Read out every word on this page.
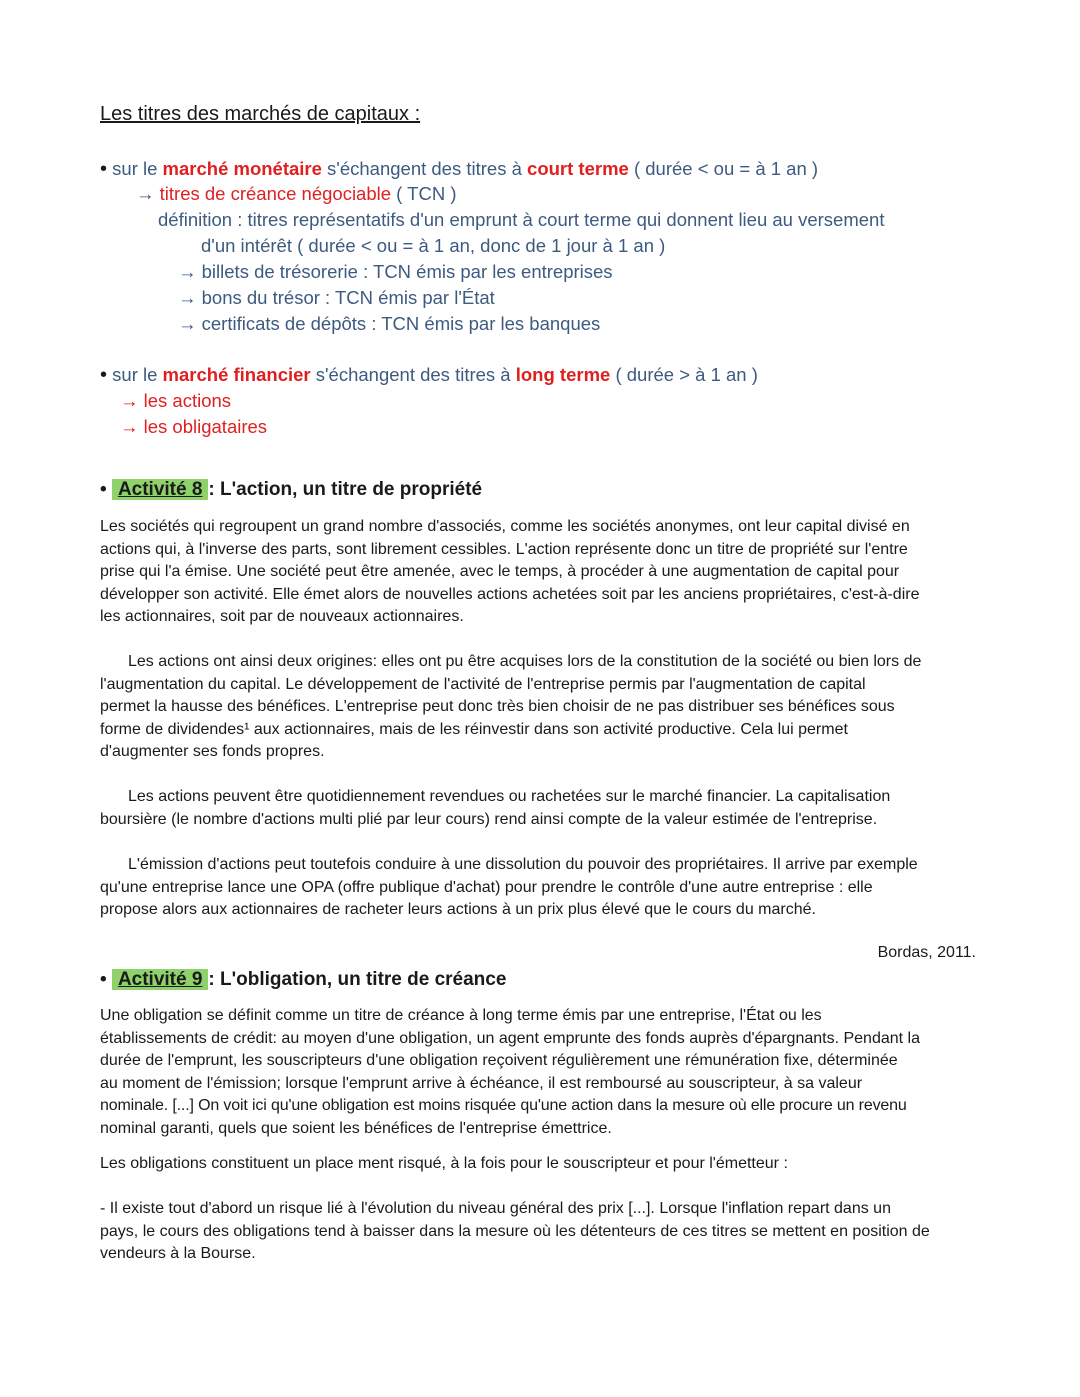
Les titres des marchés de capitaux :
• sur le marché monétaire s'échangent des titres à court terme ( durée < ou = à 1 an )
→ titres de créance négociable ( TCN )
définition : titres représentatifs d'un emprunt à court terme qui donnent lieu au versement
d'un intérêt ( durée < ou = à 1 an, donc de 1 jour à 1 an )
→ billets de trésorerie : TCN émis par les entreprises
→ bons du trésor : TCN émis par l'État
→ certificats de dépôts : TCN émis par les banques
• sur le marché financier s'échangent des titres à long terme ( durée > à 1 an )
→ les actions
→ les obligataires
• Activité 8 : L'action, un titre de propriété

Les sociétés qui regroupent un grand nombre d'associés, comme les sociétés anonymes, ont leur capital divisé en

actions qui, à l'inverse des parts, sont librement cessibles. L'action représente donc un titre de propriété sur l'entre

prise qui l'a émise. Une société peut être amenée, avec le temps, à procéder à une augmentation de capital pour

développer son activité. Elle émet alors de nouvelles actions achetées soit par les anciens propriétaires, c'est-à-dire

les actionnaires, soit par de nouveaux actionnaires.

Les actions ont ainsi deux origines: elles ont pu être acquises lors de la constitution de la société ou bien lors de

l'augmentation du capital. Le développement de l'activité de l'entreprise permis par l'augmentation de capital

permet la hausse des bénéfices. L'entreprise peut donc très bien choisir de ne pas distribuer ses bénéfices sous

forme de dividendes¹ aux actionnaires, mais de les réinvestir dans son activité productive. Cela lui permet

d'augmenter ses fonds propres.

Les actions peuvent être quotidiennement revendues ou rachetées sur le marché financier. La capitalisation

boursière (le nombre d'actions multi plié par leur cours) rend ainsi compte de la valeur estimée de l'entreprise.

L'émission d'actions peut toutefois conduire à une dissolution du pouvoir des propriétaires. Il arrive par exemple

qu'une entreprise lance une OPA (offre publique d'achat) pour prendre le contrôle d'une autre entreprise : elle

propose alors aux actionnaires de racheter leurs actions à un prix plus élevé que le cours du marché.

Bordas, 2011.
• Activité 9 : L'obligation, un titre de créance

Une obligation se définit comme un titre de créance à long terme émis par une entreprise, l'État ou les

établissements de crédit: au moyen d'une obligation, un agent emprunte des fonds auprès d'épargnants. Pendant la

durée de l'emprunt, les souscripteurs d'une obligation reçoivent régulièrement une rémunération fixe, déterminée

au moment de l'émission; lorsque l'emprunt arrive à échéance, il est remboursé au souscripteur, à sa valeur

nominale. [...] On voit ici qu'une obligation est moins risquée qu'une action dans la mesure où elle procure un revenu

nominal garanti, quels que soient les bénéfices de l'entreprise émettrice.

Les obligations constituent un place ment risqué, à la fois pour le souscripteur et pour l'émetteur :

- Il existe tout d'abord un risque lié à l'évolution du niveau général des prix [...]. Lorsque l'inflation repart dans un

pays, le cours des obligations tend à baisser dans la mesure où les détenteurs de ces titres se mettent en position de

vendeurs à la Bourse.
